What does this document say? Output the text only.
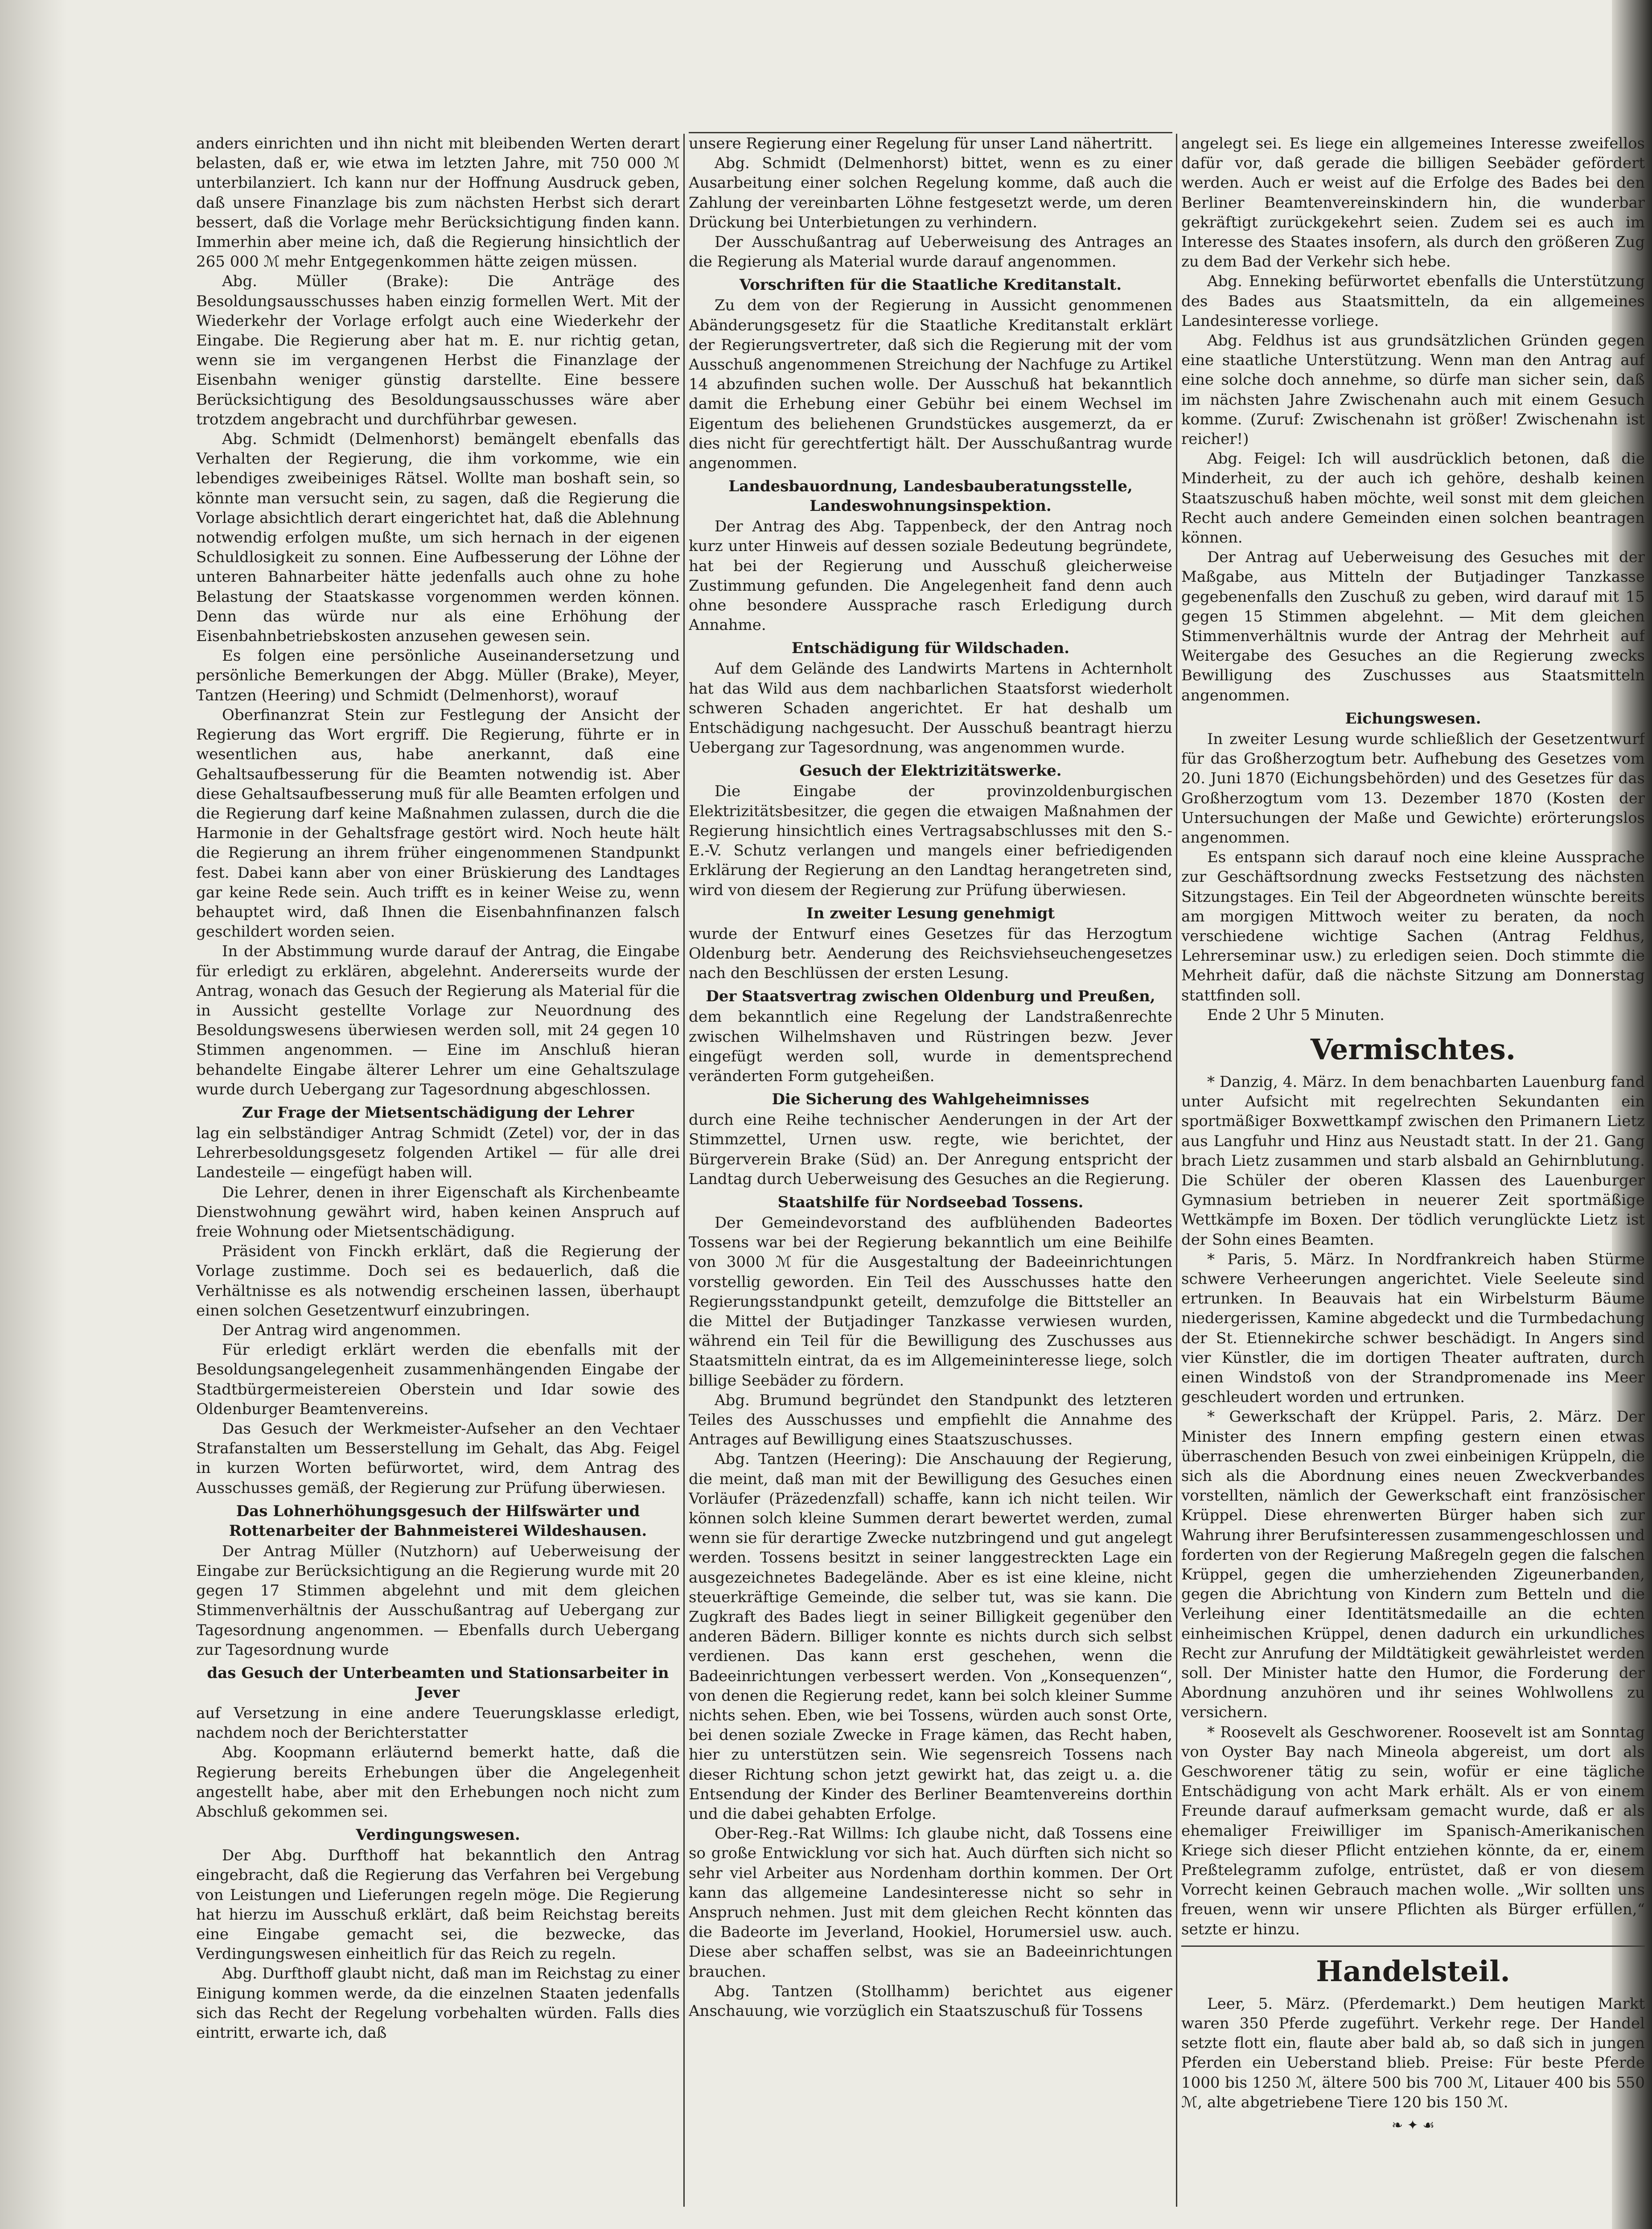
anders einrichten und ihn nicht mit bleibenden Werten derart belasten, daß er, wie etwa im letzten Jahre, mit 750 000 ℳ unterbilanziert. Ich kann nur der Hoffnung Ausdruck geben, daß unsere Finanzlage bis zum nächsten Herbst sich derart bessert, daß die Vorlage mehr Berücksichtigung finden kann. Immerhin aber meine ich, daß die Regierung hinsichtlich der 265 000 ℳ mehr Entgegenkommen hätte zeigen müssen.

Abg. Müller (Brake): Die Anträge des Besoldungsausschusses haben einzig formellen Wert. Mit der Wiederkehr der Vorlage erfolgt auch eine Wiederkehr der Eingabe. Die Regierung aber hat m. E. nur richtig getan, wenn sie im vergangenen Herbst die Finanzlage der Eisenbahn weniger günstig darstellte. Eine bessere Berücksichtigung des Besoldungsausschusses wäre aber trotzdem angebracht und durchführbar gewesen.

Abg. Schmidt (Delmenhorst) bemängelt ebenfalls das Verhalten der Regierung, die ihm vorkomme, wie ein lebendiges zweibeiniges Rätsel. Wollte man boshaft sein, so könnte man versucht sein, zu sagen, daß die Regierung die Vorlage absichtlich derart eingerichtet hat, daß die Ablehnung notwendig erfolgen mußte, um sich hernach in der eigenen Schuldlosigkeit zu sonnen. Eine Aufbesserung der Löhne der unteren Bahnarbeiter hätte jedenfalls auch ohne zu hohe Belastung der Staatskasse vorgenommen werden können. Denn das würde nur als eine Erhöhung der Eisenbahnbetriebskosten anzusehen gewesen sein.

Es folgen eine persönliche Auseinandersetzung und persönliche Bemerkungen der Abgg. Müller (Brake), Meyer, Tantzen (Heering) und Schmidt (Delmenhorst), worauf

Oberfinanzrat Stein zur Festlegung der Ansicht der Regierung das Wort ergriff. Die Regierung, führte er in wesentlichen aus, habe anerkannt, daß eine Gehaltsaufbesserung für die Beamten notwendig ist. Aber diese Gehaltsaufbesserung muß für alle Beamten erfolgen und die Regierung darf keine Maßnahmen zulassen, durch die die Harmonie in der Gehaltsfrage gestört wird. Noch heute hält die Regierung an ihrem früher eingenommenen Standpunkt fest. Dabei kann aber von einer Brüskierung des Landtages gar keine Rede sein. Auch trifft es in keiner Weise zu, wenn behauptet wird, daß Ihnen die Eisenbahnfinanzen falsch geschildert worden seien.

In der Abstimmung wurde darauf der Antrag, die Eingabe für erledigt zu erklären, abgelehnt. Andererseits wurde der Antrag, wonach das Gesuch der Regierung als Material für die in Aussicht gestellte Vorlage zur Neuordnung des Besoldungswesens überwiesen werden soll, mit 24 gegen 10 Stimmen angenommen. — Eine im Anschluß hieran behandelte Eingabe älterer Lehrer um eine Gehaltszulage wurde durch Uebergang zur Tagesordnung abgeschlossen.

Zur Frage der Mietsentschädigung der Lehrer

lag ein selbständiger Antrag Schmidt (Zetel) vor, der in das Lehrerbesoldungsgesetz folgenden Artikel — für alle drei Landesteile — eingefügt haben will.

Die Lehrer, denen in ihrer Eigenschaft als Kirchenbeamte Dienstwohnung gewährt wird, haben keinen Anspruch auf freie Wohnung oder Mietsentschädigung.

Präsident von Finckh erklärt, daß die Regierung der Vorlage zustimme. Doch sei es bedauerlich, daß die Verhältnisse es als notwendig erscheinen lassen, überhaupt einen solchen Gesetzentwurf einzubringen.

Der Antrag wird angenommen.

Für erledigt erklärt werden die ebenfalls mit der Besoldungsangelegenheit zusammenhängenden Eingabe der Stadtbürgermeistereien Oberstein und Idar sowie des Oldenburger Beamtenvereins.

Das Gesuch der Werkmeister-Aufseher an den Vechtaer Strafanstalten um Besserstellung im Gehalt, das Abg. Feigel in kurzen Worten befürwortet, wird, dem Antrag des Ausschusses gemäß, der Regierung zur Prüfung überwiesen.

Das Lohnerhöhungsgesuch der Hilfswärter und Rottenarbeiter der Bahnmeisterei Wildeshausen.

Der Antrag Müller (Nutzhorn) auf Ueberweisung der Eingabe zur Berücksichtigung an die Regierung wurde mit 20 gegen 17 Stimmen abgelehnt und mit dem gleichen Stimmenverhältnis der Ausschußantrag auf Uebergang zur Tagesordnung angenommen. — Ebenfalls durch Uebergang zur Tagesordnung wurde

das Gesuch der Unterbeamten und Stationsarbeiter in Jever

auf Versetzung in eine andere Teuerungsklasse erledigt, nachdem noch der Berichterstatter

Abg. Koopmann erläuternd bemerkt hatte, daß die Regierung bereits Erhebungen über die Angelegenheit angestellt habe, aber mit den Erhebungen noch nicht zum Abschluß gekommen sei.

Verdingungswesen.

Der Abg. Durfthoff hat bekanntlich den Antrag eingebracht, daß die Regierung das Verfahren bei Vergebung von Leistungen und Lieferungen regeln möge. Die Regierung hat hierzu im Ausschuß erklärt, daß beim Reichstag bereits eine Eingabe gemacht sei, die bezwecke, das Verdingungswesen einheitlich für das Reich zu regeln.

Abg. Durfthoff glaubt nicht, daß man im Reichstag zu einer Einigung kommen werde, da die einzelnen Staaten jedenfalls sich das Recht der Regelung vorbehalten würden. Falls dies eintritt, erwarte ich, daß

unsere Regierung einer Regelung für unser Land nähertritt.

Abg. Schmidt (Delmenhorst) bittet, wenn es zu einer Ausarbeitung einer solchen Regelung komme, daß auch die Zahlung der vereinbarten Löhne festgesetzt werde, um deren Drückung bei Unterbietungen zu verhindern.

Der Ausschußantrag auf Ueberweisung des Antrages an die Regierung als Material wurde darauf angenommen.

Vorschriften für die Staatliche Kreditanstalt.

Zu dem von der Regierung in Aussicht genommenen Abänderungsgesetz für die Staatliche Kreditanstalt erklärt der Regierungsvertreter, daß sich die Regierung mit der vom Ausschuß angenommenen Streichung der Nachfuge zu Artikel 14 abzufinden suchen wolle. Der Ausschuß hat bekanntlich damit die Erhebung einer Gebühr bei einem Wechsel im Eigentum des beliehenen Grundstückes ausgemerzt, da er dies nicht für gerechtfertigt hält. Der Ausschußantrag wurde angenommen.

Landesbauordnung, Landesbauberatungsstelle, Landeswohnungsinspektion.

Der Antrag des Abg. Tappenbeck, der den Antrag noch kurz unter Hinweis auf dessen soziale Bedeutung begründete, hat bei der Regierung und Ausschuß gleicherweise Zustimmung gefunden. Die Angelegenheit fand denn auch ohne besondere Aussprache rasch Erledigung durch Annahme.

Entschädigung für Wildschaden.

Auf dem Gelände des Landwirts Martens in Achternholt hat das Wild aus dem nachbarlichen Staatsforst wiederholt schweren Schaden angerichtet. Er hat deshalb um Entschädigung nachgesucht. Der Ausschuß beantragt hierzu Uebergang zur Tagesordnung, was angenommen wurde.

Gesuch der Elektrizitätswerke.

Die Eingabe der provinzoldenburgischen Elektrizitätsbesitzer, die gegen die etwaigen Maßnahmen der Regierung hinsichtlich eines Vertragsabschlusses mit den S.-E.-V. Schutz verlangen und mangels einer befriedigenden Erklärung der Regierung an den Landtag herangetreten sind, wird von diesem der Regierung zur Prüfung überwiesen.

In zweiter Lesung genehmigt

wurde der Entwurf eines Gesetzes für das Herzogtum Oldenburg betr. Aenderung des Reichsviehseuchengesetzes nach den Beschlüssen der ersten Lesung.

Der Staatsvertrag zwischen Oldenburg und Preußen,

dem bekanntlich eine Regelung der Landstraßenrechte zwischen Wilhelmshaven und Rüstringen bezw. Jever eingefügt werden soll, wurde in dementsprechend veränderten Form gutgeheißen.

Die Sicherung des Wahlgeheimnisses

durch eine Reihe technischer Aenderungen in der Art der Stimmzettel, Urnen usw. regte, wie berichtet, der Bürgerverein Brake (Süd) an. Der Anregung entspricht der Landtag durch Ueberweisung des Gesuches an die Regierung.

Staatshilfe für Nordseebad Tossens.

Der Gemeindevorstand des aufblühenden Badeortes Tossens war bei der Regierung bekanntlich um eine Beihilfe von 3000 ℳ für die Ausgestaltung der Badeeinrichtungen vorstellig geworden. Ein Teil des Ausschusses hatte den Regierungsstandpunkt geteilt, demzufolge die Bittsteller an die Mittel der Butjadinger Tanzkasse verwiesen wurden, während ein Teil für die Bewilligung des Zuschusses aus Staatsmitteln eintrat, da es im Allgemeininteresse liege, solch billige Seebäder zu fördern.

Abg. Brumund begründet den Standpunkt des letzteren Teiles des Ausschusses und empfiehlt die Annahme des Antrages auf Bewilligung eines Staatszuschusses.

Abg. Tantzen (Heering): Die Anschauung der Regierung, die meint, daß man mit der Bewilligung des Gesuches einen Vorläufer (Präzedenzfall) schaffe, kann ich nicht teilen. Wir können solch kleine Summen derart bewertet werden, zumal wenn sie für derartige Zwecke nutzbringend und gut angelegt werden. Tossens besitzt in seiner langgestreckten Lage ein ausgezeichnetes Badegelände. Aber es ist eine kleine, nicht steuerkräftige Gemeinde, die selber tut, was sie kann. Die Zugkraft des Bades liegt in seiner Billigkeit gegenüber den anderen Bädern. Billiger konnte es nichts durch sich selbst verdienen. Das kann erst geschehen, wenn die Badeeinrichtungen verbessert werden. Von „Konsequenzen“, von denen die Regierung redet, kann bei solch kleiner Summe nichts sehen. Eben, wie bei Tossens, würden auch sonst Orte, bei denen soziale Zwecke in Frage kämen, das Recht haben, hier zu unterstützen sein. Wie segensreich Tossens nach dieser Richtung schon jetzt gewirkt hat, das zeigt u. a. die Entsendung der Kinder des Berliner Beamtenvereins dorthin und die dabei gehabten Erfolge.

Ober-Reg.-Rat Willms: Ich glaube nicht, daß Tossens eine so große Entwicklung vor sich hat. Auch dürften sich nicht so sehr viel Arbeiter aus Nordenham dorthin kommen. Der Ort kann das allgemeine Landesinteresse nicht so sehr in Anspruch nehmen. Just mit dem gleichen Recht könnten das die Badeorte im Jeverland, Hookiel, Horumersiel usw. auch. Diese aber schaffen selbst, was sie an Badeeinrichtungen brauchen.

Abg. Tantzen (Stollhamm) berichtet aus eigener Anschauung, wie vorzüglich ein Staatszuschuß für Tossens

angelegt sei. Es liege ein allgemeines Interesse zweifellos dafür vor, daß gerade die billigen Seebäder gefördert werden. Auch er weist auf die Erfolge des Bades bei den Berliner Beamtenvereinskindern hin, die wunderbar gekräftigt zurückgekehrt seien. Zudem sei es auch im Interesse des Staates insofern, als durch den größeren Zug zu dem Bad der Verkehr sich hebe.

Abg. Enneking befürwortet ebenfalls die Unterstützung des Bades aus Staatsmitteln, da ein allgemeines Landesinteresse vorliege.

Abg. Feldhus ist aus grundsätzlichen Gründen gegen eine staatliche Unterstützung. Wenn man den Antrag auf eine solche doch annehme, so dürfe man sicher sein, daß im nächsten Jahre Zwischenahn auch mit einem Gesuch komme. (Zuruf: Zwischenahn ist größer! Zwischenahn ist reicher!)

Abg. Feigel: Ich will ausdrücklich betonen, daß die Minderheit, zu der auch ich gehöre, deshalb keinen Staatszuschuß haben möchte, weil sonst mit dem gleichen Recht auch andere Gemeinden einen solchen beantragen können.

Der Antrag auf Ueberweisung des Gesuches mit der Maßgabe, aus Mitteln der Butjadinger Tanzkasse gegebenenfalls den Zuschuß zu geben, wird darauf mit 15 gegen 15 Stimmen abgelehnt. — Mit dem gleichen Stimmenverhältnis wurde der Antrag der Mehrheit auf Weitergabe des Gesuches an die Regierung zwecks Bewilligung des Zuschusses aus Staatsmitteln angenommen.

Eichungswesen.

In zweiter Lesung wurde schließlich der Gesetzentwurf für das Großherzogtum betr. Aufhebung des Gesetzes vom 20. Juni 1870 (Eichungsbehörden) und des Gesetzes für das Großherzogtum vom 13. Dezember 1870 (Kosten der Untersuchungen der Maße und Gewichte) erörterungslos angenommen.

Es entspann sich darauf noch eine kleine Aussprache zur Geschäftsordnung zwecks Festsetzung des nächsten Sitzungstages. Ein Teil der Abgeordneten wünschte bereits am morgigen Mittwoch weiter zu beraten, da noch verschiedene wichtige Sachen (Antrag Feldhus, Lehrerseminar usw.) zu erledigen seien. Doch stimmte die Mehrheit dafür, daß die nächste Sitzung am Donnerstag stattfinden soll.

Ende 2 Uhr 5 Minuten.

Vermischtes.

* Danzig, 4. März. In dem benachbarten Lauenburg fand unter Aufsicht mit regelrechten Sekundanten ein sportmäßiger Boxwettkampf zwischen den Primanern Lietz aus Langfuhr und Hinz aus Neustadt statt. In der 21. Gang brach Lietz zusammen und starb alsbald an Gehirnblutung. Die Schüler der oberen Klassen des Lauenburger Gymnasium betrieben in neuerer Zeit sportmäßige Wettkämpfe im Boxen. Der tödlich verunglückte Lietz ist der Sohn eines Beamten.

* Paris, 5. März. In Nordfrankreich haben Stürme schwere Verheerungen angerichtet. Viele Seeleute sind ertrunken. In Beauvais hat ein Wirbelsturm Bäume niedergerissen, Kamine abgedeckt und die Turmbedachung der St. Etiennekirche schwer beschädigt. In Angers sind vier Künstler, die im dortigen Theater auftraten, durch einen Windstoß von der Strandpromenade ins Meer geschleudert worden und ertrunken.

* Gewerkschaft der Krüppel. Paris, 2. März. Der Minister des Innern empfing gestern einen etwas überraschenden Besuch von zwei einbeinigen Krüppeln, die sich als die Abordnung eines neuen Zweckverbandes vorstellten, nämlich der Gewerkschaft eint französischer Krüppel. Diese ehrenwerten Bürger haben sich zur Wahrung ihrer Berufsinteressen zusammengeschlossen und forderten von der Regierung Maßregeln gegen die falschen Krüppel, gegen die umherziehenden Zigeunerbanden, gegen die Abrichtung von Kindern zum Betteln und die Verleihung einer Identitätsmedaille an die echten einheimischen Krüppel, denen dadurch ein urkundliches Recht zur Anrufung der Mildtätigkeit gewährleistet werden soll. Der Minister hatte den Humor, die Forderung der Abordnung anzuhören und ihr seines Wohlwollens zu versichern.

* Roosevelt als Geschworener. Roosevelt ist am Sonntag von Oyster Bay nach Mineola abgereist, um dort als Geschworener tätig zu sein, wofür er eine tägliche Entschädigung von acht Mark erhält. Als er von einem Freunde darauf aufmerksam gemacht wurde, daß er als ehemaliger Freiwilliger im Spanisch-Amerikanischen Kriege sich dieser Pflicht entziehen könnte, da er, einem Preßtelegramm zufolge, entrüstet, daß er von diesem Vorrecht keinen Gebrauch machen wolle. „Wir sollten uns freuen, wenn wir unsere Pflichten als Bürger erfüllen,“ setzte er hinzu.

Handelsteil.

Leer, 5. März. (Pferdemarkt.) Dem heutigen Markt waren 350 Pferde zugeführt. Verkehr rege. Der Handel setzte flott ein, flaute aber bald ab, so daß sich in jungen Pferden ein Ueberstand blieb. Preise: Für beste Pferde 1000 bis 1250 ℳ, ältere 500 bis 700 ℳ, Litauer 400 bis 550 ℳ, alte abgetriebene Tiere 120 bis 150 ℳ.

❧ ✦ ☙
